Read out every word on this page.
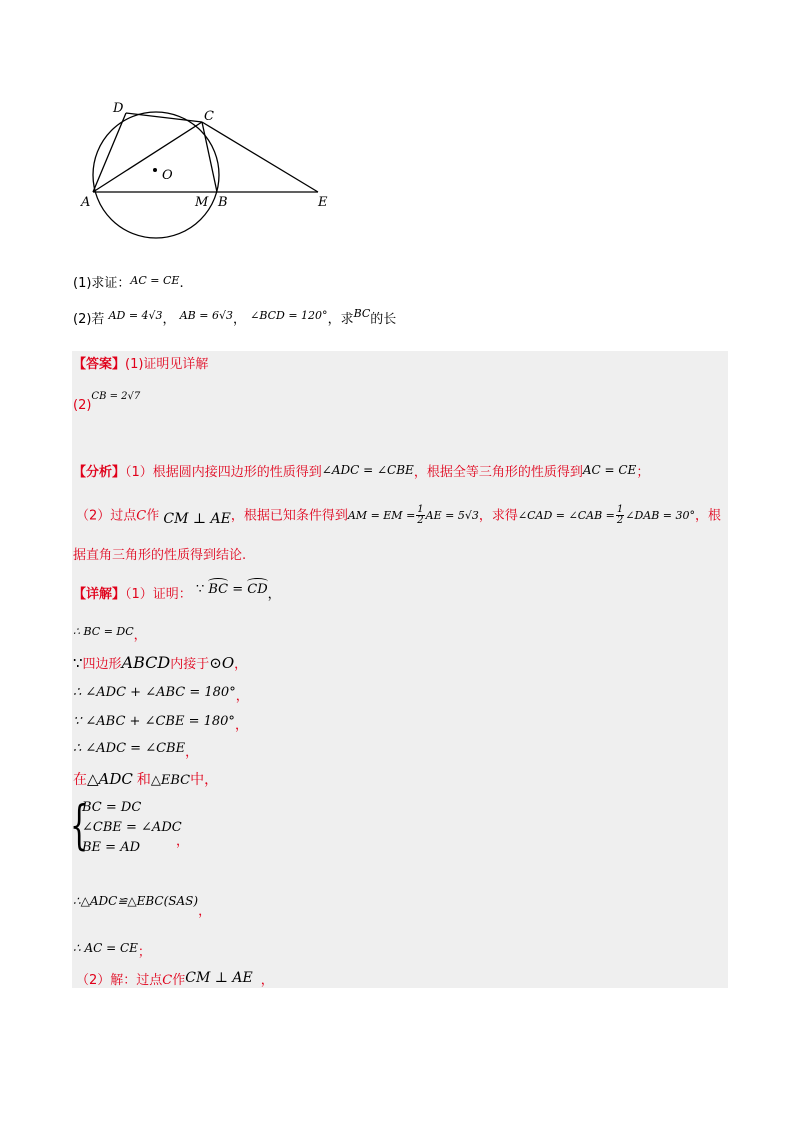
D
C
O
A	M B	E
(1)求证：$^{AC = CE}$.
(2)若 $^{AD = 4√3}$， $^{AB = 6√3}$， $^{\angle BCD = 120^\circ}$，求$^{BC}$的长
【答案】(1)证明见详解
$(2)^{CB = 2√7}$
【分析】（1）根据圆内接四边形的性质得到∠ADC = ∠CBE，根据全等三角形的性质得到AC = CE；
（2）过点C作 CM ⊥ AE，根据已知条件得到AM = EM = $\frac{1}{2}$ AE = 5√3，求得∠CAD = ∠CAB = $\frac{1}{2}$ ∠DAB = 30°，根
据直角三角形的性质得到结论.
【详解】（1）证明： ∵ BC = CD，
∴ BC = DC，
∵四边形ABCD内接于⊙O，
∴ ∠ADC + ∠ABC = 180°，
∵ ∠ABC + ∠CBE = 180°，
∴ ∠ADC = ∠CBE，
在△ADC 和△EBC中，
{
BC = DC
∠CBE = ∠ADC
BE = AD	，
∴△ADC≌△EBC(SAS)，
∴ AC = CE；
（2）解：过点C作CM ⊥ AE ，
